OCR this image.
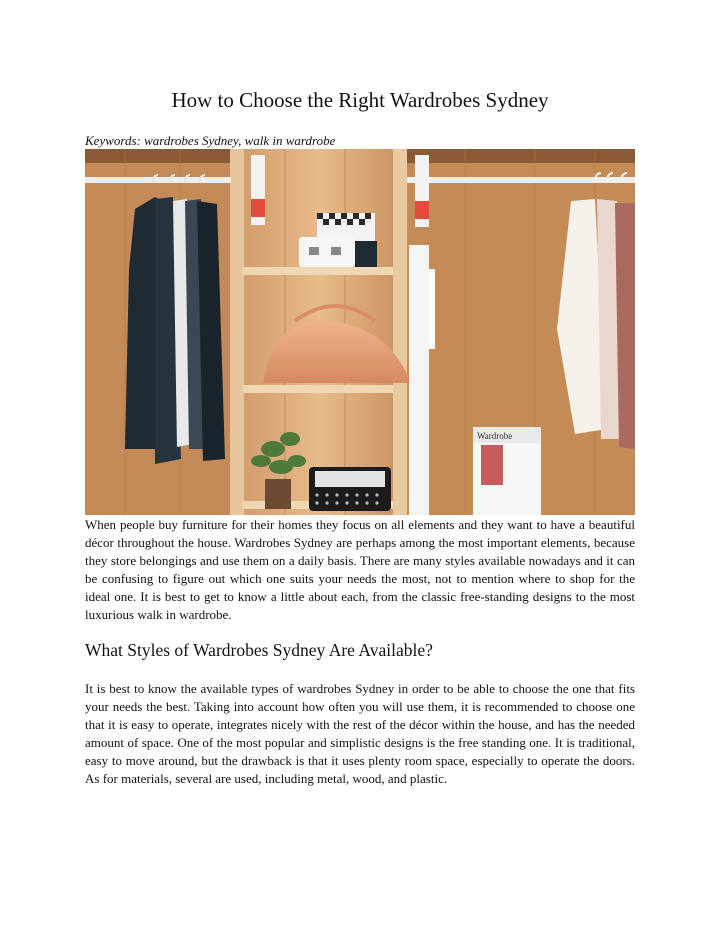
How to Choose the Right Wardrobes Sydney
Keywords: wardrobes Sydney, walk in wardrobe
Wardrobe

When people buy furniture for their homes they focus on all elements and they want to have a beautiful décor throughout the house. Wardrobes Sydney are perhaps among the most important elements, because they store belongings and use them on a daily basis. There are many styles available nowadays and it can be confusing to figure out which one suits your needs the most, not to mention where to shop for the ideal one. It is best to get to know a little about each, from the classic free-standing designs to the most luxurious walk in wardrobe.

What Styles of Wardrobes Sydney Are Available?

It is best to know the available types of wardrobes Sydney in order to be able to choose the one that fits your needs the best. Taking into account how often you will use them, it is recommended to choose one that it is easy to operate, integrates nicely with the rest of the décor within the house, and has the needed amount of space. One of the most popular and simplistic designs is the free standing one. It is traditional, easy to move around, but the drawback is that it uses plenty room space, especially to operate the doors. As for materials, several are used, including metal, wood, and plastic.
